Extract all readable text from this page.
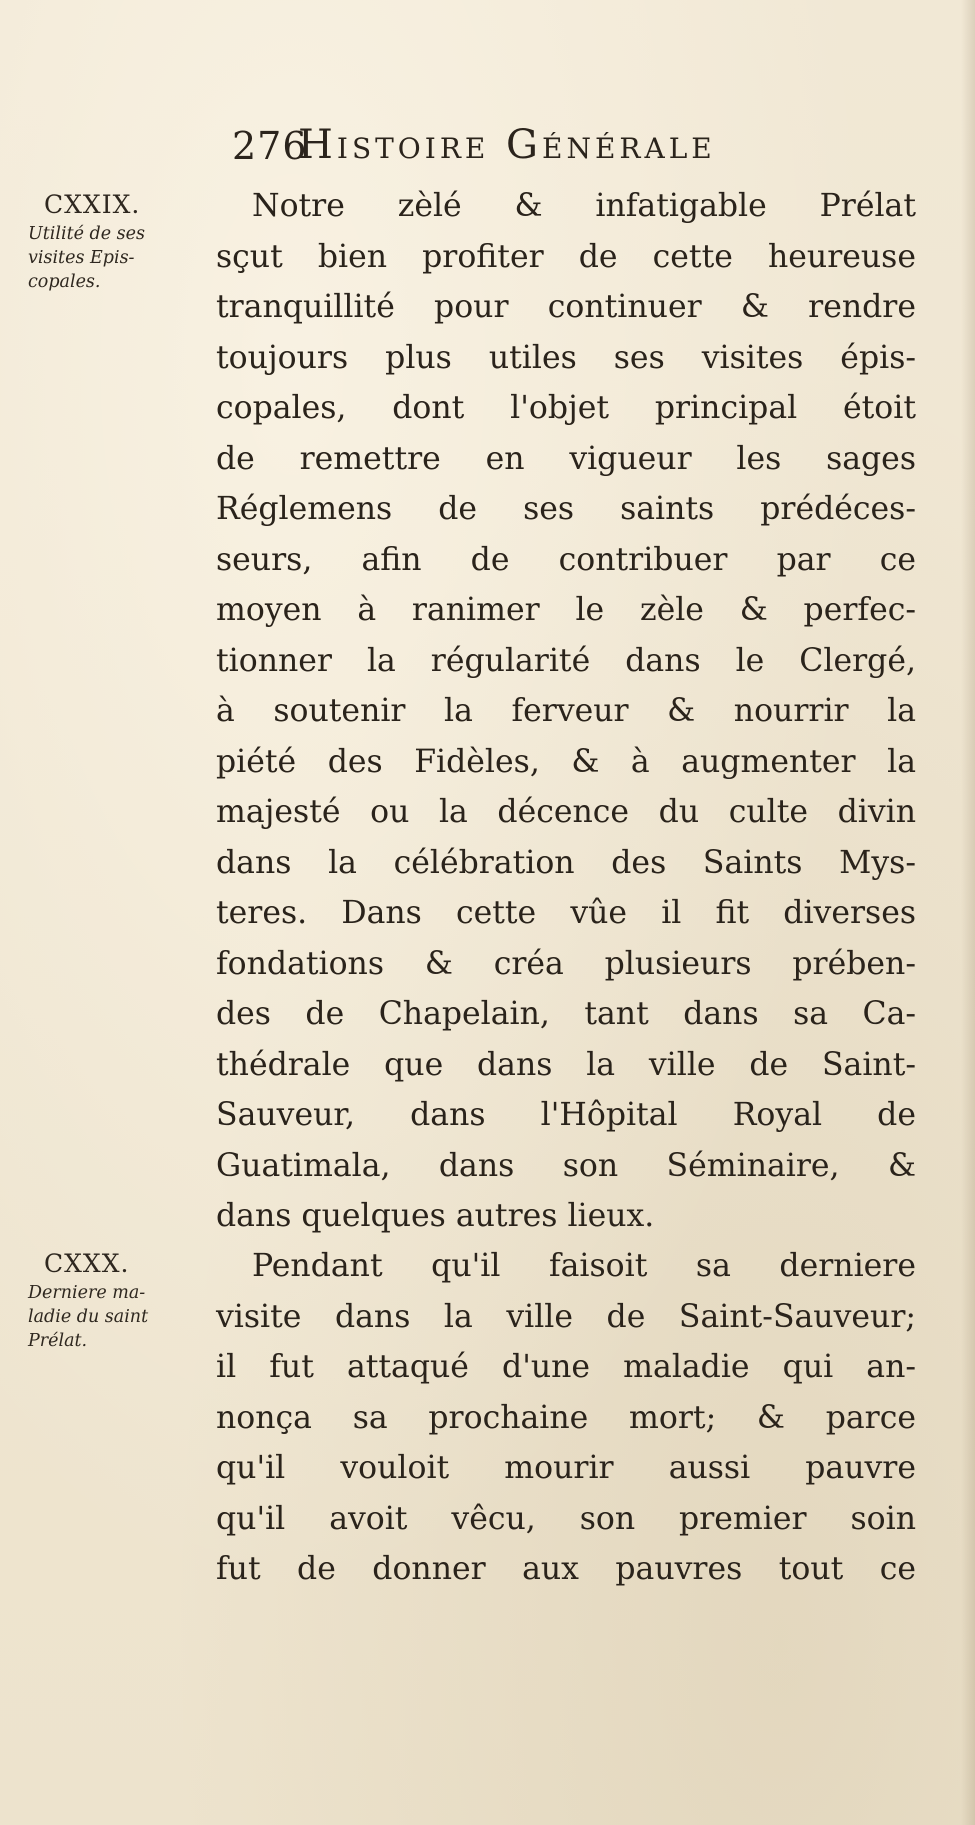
276
Histoire Générale
CXXIX.
Utilité de ses
visites Epis-
copales.
Notre zèlé & infatigable Prélat
sçut bien profiter de cette heureuse
tranquillité pour continuer & rendre
toujours plus utiles ses visites épis-
copales, dont l'objet principal étoit
de remettre en vigueur les sages
Réglemens de ses saints prédéces-
seurs, afin de contribuer par ce
moyen à ranimer le zèle & perfec-
tionner la régularité dans le Clergé,
à soutenir la ferveur & nourrir la
piété des Fidèles, & à augmenter la
majesté ou la décence du culte divin
dans la célébration des Saints Mys-
teres. Dans cette vûe il fit diverses
fondations & créa plusieurs prében-
des de Chapelain, tant dans sa Ca-
thédrale que dans la ville de Saint-
Sauveur, dans l'Hôpital Royal de
Guatimala, dans son Séminaire, &
dans quelques autres lieux.
CXXX.
Derniere ma-
ladie du saint
Prélat.
Pendant qu'il faisoit sa derniere
visite dans la ville de Saint-Sauveur;
il fut attaqué d'une maladie qui an-
nonça sa prochaine mort; & parce
qu'il vouloit mourir aussi pauvre
qu'il avoit vêcu, son premier soin
fut de donner aux pauvres tout ce
